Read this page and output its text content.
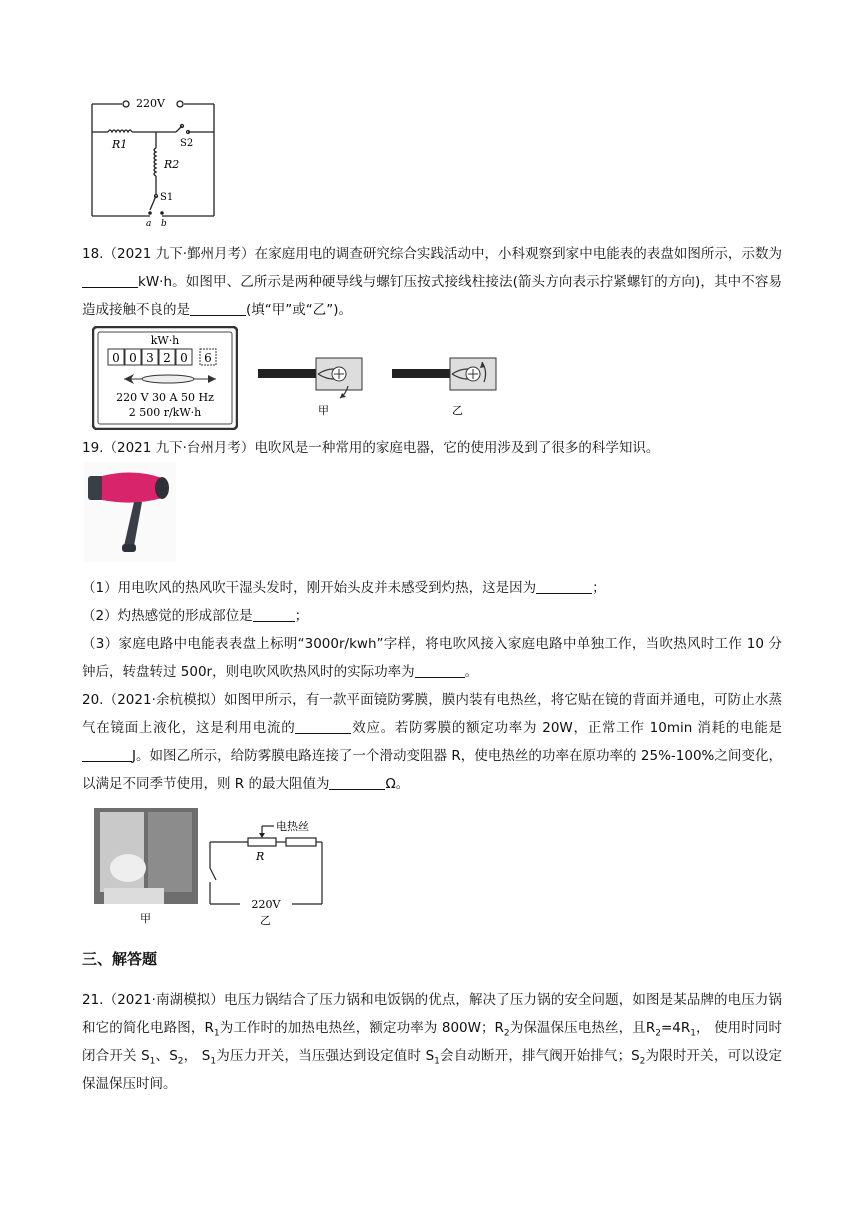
220V
R1
R2
S2
S1
a b

18.（2021 九下·鄞州月考）在家庭用电的调查研究综合实践活动中，小科观察到家中电能表的表盘如图所示，示数为kW·h。如图甲、乙所示是两种硬导线与螺钉压按式接线柱接法(箭头方向表示拧紧螺钉的方向)，其中不容易造成接触不良的是	(填“甲”或“乙”)。

kW·h
0 0 3 2 0 6
220 V 30 A 50 Hz
2 500 r/kW·h	甲	乙

19.（2021 九下·台州月考）电吹风是一种常用的家庭电器，它的使用涉及到了很多的科学知识。

（1）用电吹风的热风吹干湿头发时，刚开始头皮并未感受到灼热，这是因为	；

（2）灼热感觉的形成部位是	；

（3）家庭电路中电能表表盘上标明“3000r/kwh”字样，将电吹风接入家庭电路中单独工作，当吹热风时工作 10 分钟后，转盘转过 500r，则电吹风吹热风时的实际功率为	。

20.（2021·余杭模拟）如图甲所示，有一款平面镜防雾膜，膜内装有电热丝，将它贴在镜的背面并通电，可防止水蒸气在镜面上液化，这是利用电流的	效应。若防雾膜的额定功率为 20W，正常工作 10min 消耗的电能是J。如图乙所示，给防雾膜电路连接了一个滑动变阻器 R，使电热丝的功率在原功率的 25%-100%之间变化，以满足不同季节使用，则 R 的最大阻值为	Ω。

甲
电热丝
R
220V
乙
三、解答题

21.（2021·南湖模拟）电压力锅结合了压力锅和电饭锅的优点，解决了压力锅的安全问题，如图是某品牌的电压力锅和它的简化电路图，$R_1$为工作时的加热电热丝，额定功率为 800W；$R_2$为保温保压电热丝，且$R_2=4R_1$， 使用时同时闭合开关 $S_1$、$S_2$， $S_1$为压力开关，当压强达到设定值时 $S_1$会自动断开，排气阀开始排气；$S_2$为限时开关，可以设定保温保压时间。
